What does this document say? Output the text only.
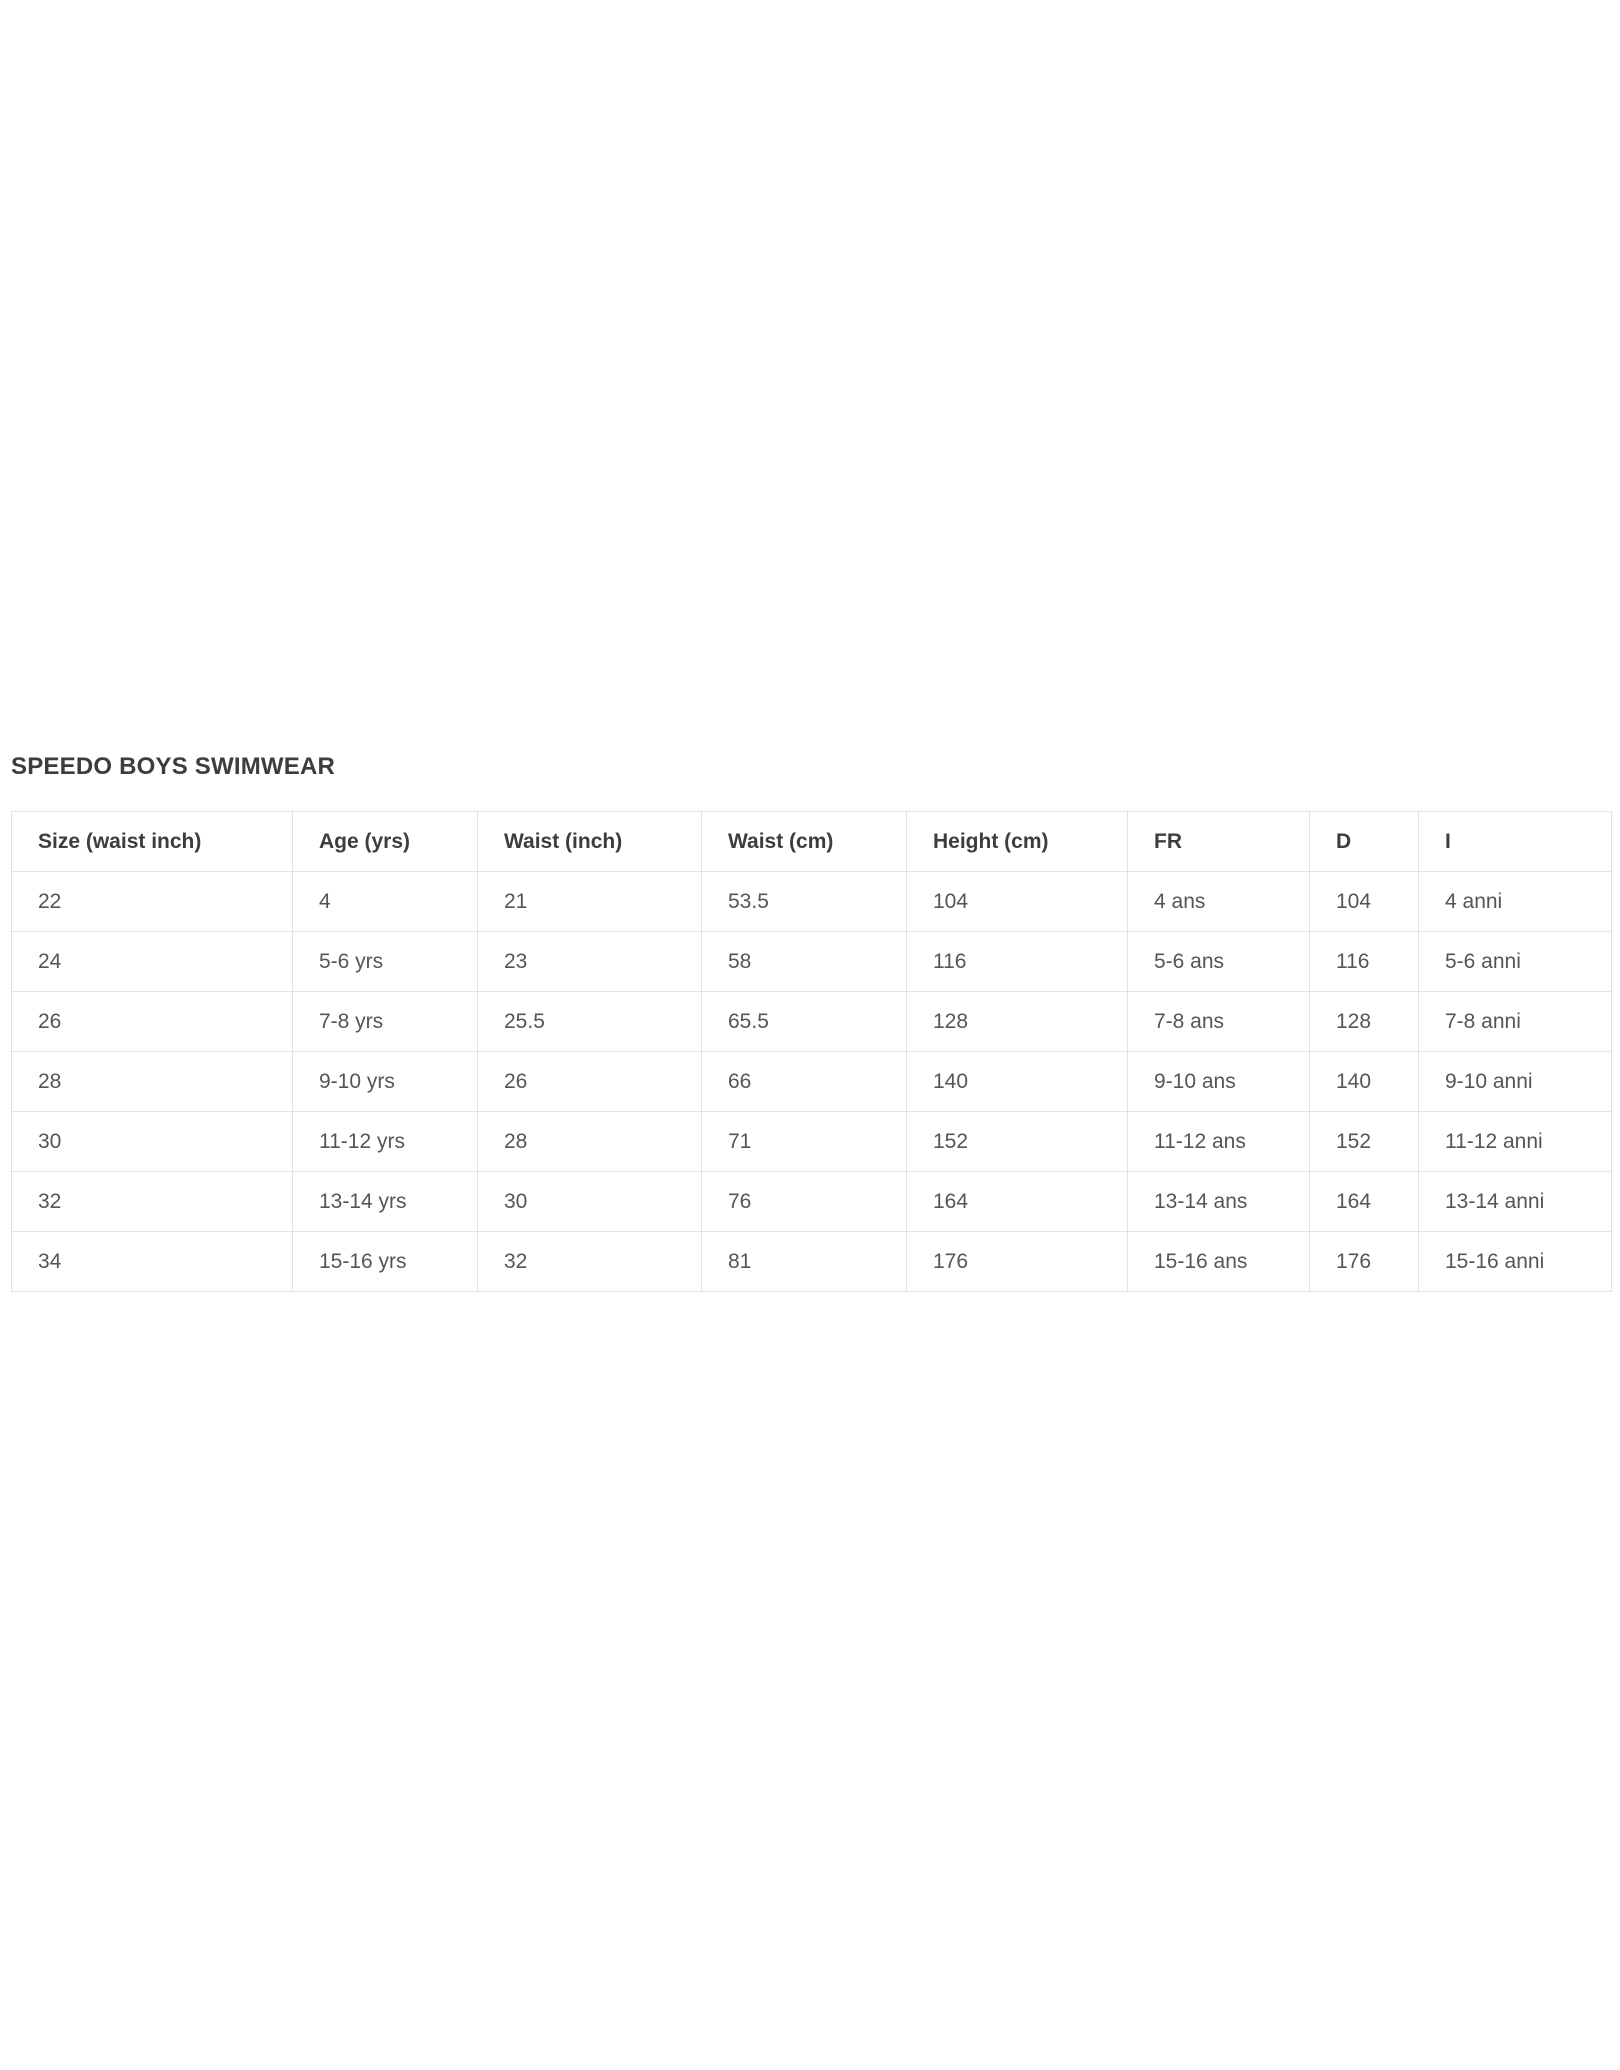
SPEEDO BOYS SWIMWEAR
Size (waist inch)	Age (yrs)	Waist (inch)	Waist (cm)	Height (cm)	FR	D	I
22	4	21	53.5	104	4 ans	104	4 anni
24	5-6 yrs	23	58	116	5-6 ans	116	5-6 anni
26	7-8 yrs	25.5	65.5	128	7-8 ans	128	7-8 anni
28	9-10 yrs	26	66	140	9-10 ans	140	9-10 anni
30	11-12 yrs	28	71	152	11-12 ans	152	11-12 anni
32	13-14 yrs	30	76	164	13-14 ans	164	13-14 anni
34	15-16 yrs	32	81	176	15-16 ans	176	15-16 anni
